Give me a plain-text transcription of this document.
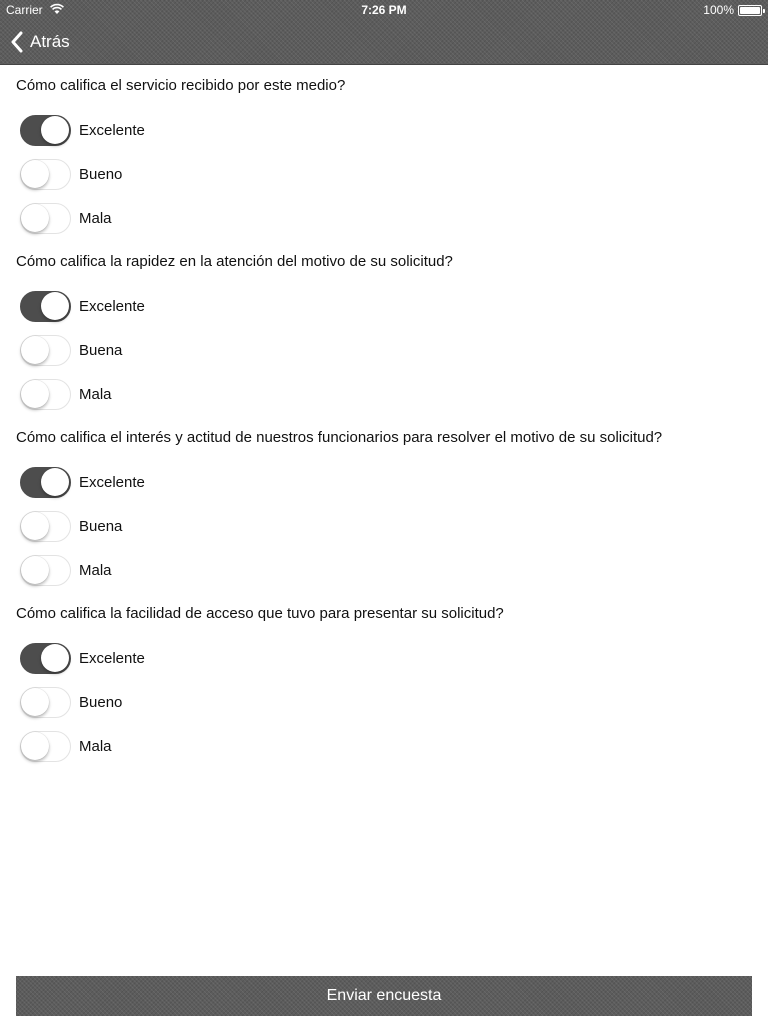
Carrier	7:26 PM	100%
Atrás
Cómo califica el servicio recibido por este medio?
Excelente
Bueno
Mala
Cómo califica la rapidez en la atención del motivo de su solicitud?
Excelente
Buena
Mala
Cómo califica el interés y actitud de nuestros funcionarios para resolver el motivo de su solicitud?
Excelente
Buena
Mala
Cómo califica la facilidad de acceso que tuvo para presentar su solicitud?
Excelente
Bueno
Mala
Enviar encuesta
